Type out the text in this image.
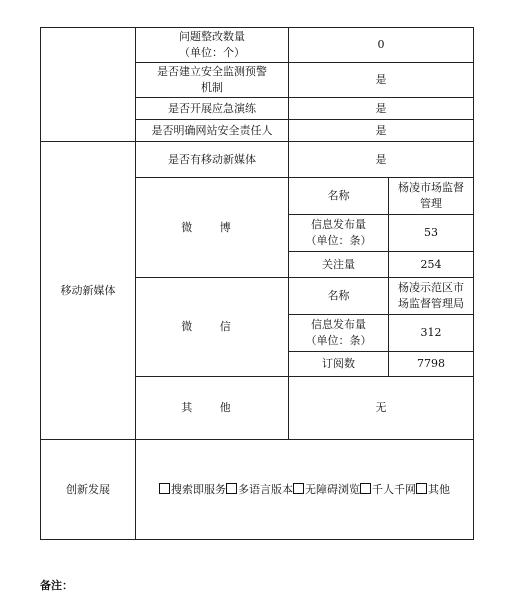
	问题整改数量
（单位：个）	0	
	是否建立安全监测预警
机制	是	
	是否开展应急演练	是	
	是否明确网站安全责任人	是	
移动新媒体	是否有移动新媒体	是	
	微 博	名称	杨凌市场监督
管理
		信息发布量
（单位：条）	53
		关注量	254
	微 信	名称	杨凌示范区市
场监督管理局
		信息发布量
（单位：条）	312
		订阅数	7798
	其 他	无	
创新发展	搜索即服务 多语言版本 无障碍浏览 千人千网 其他		
备注：
